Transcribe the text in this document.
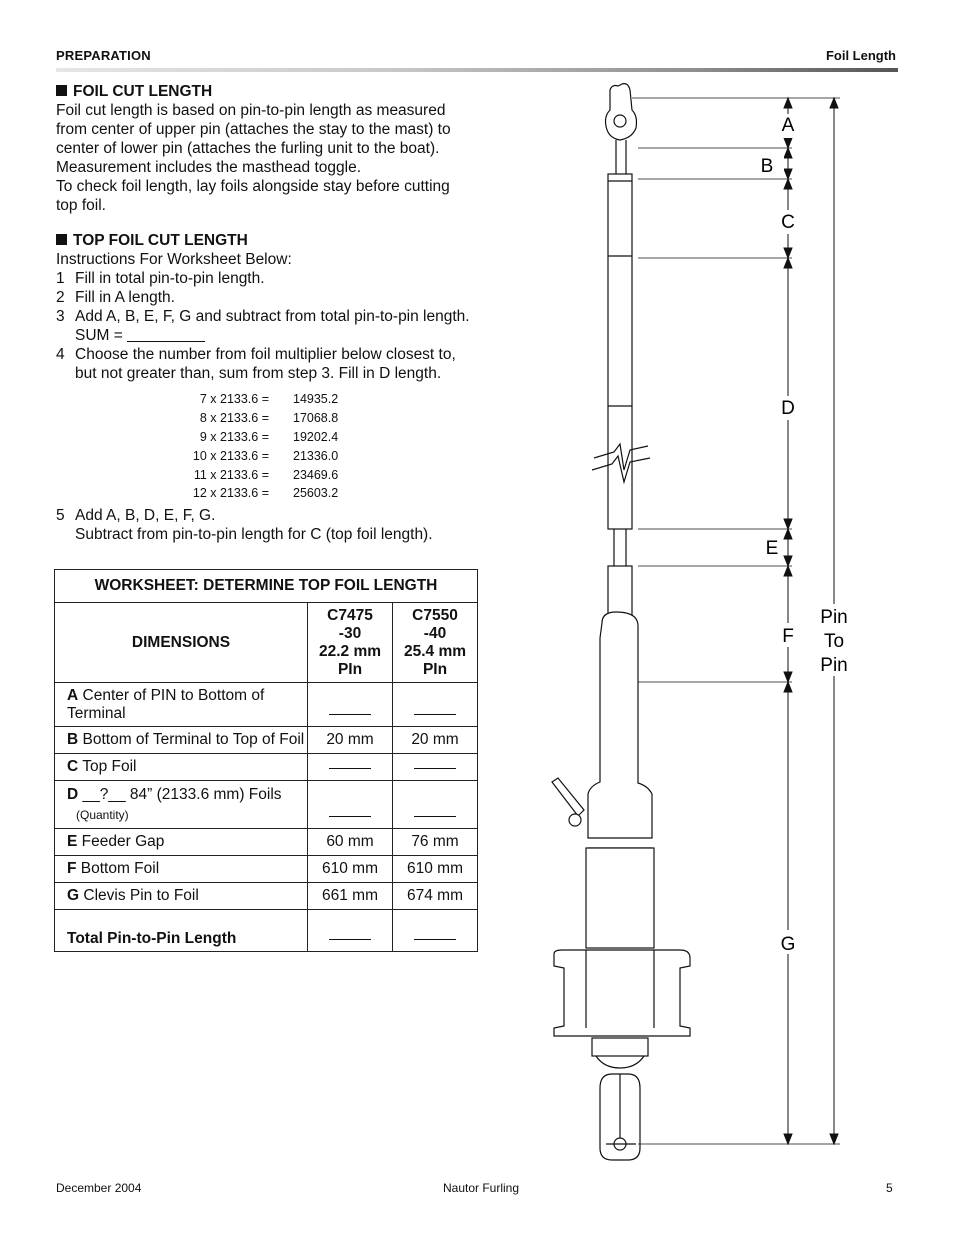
PREPARATION	Foil Length
FOIL CUT LENGTH
Foil cut length is based on pin-to-pin length as measured
from center of upper pin (attaches the stay to the mast) to
center of lower pin (attaches the furling unit to the boat).
Measurement includes the masthead toggle.
To check foil length, lay foils alongside stay before cutting
top foil.
TOP FOIL CUT LENGTH
Instructions For Worksheet Below:
1 Fill in total pin-to-pin length.
2 Fill in A length.
3 Add A, B, E, F, G and subtract from total pin-to-pin length.
SUM =
4 Choose the number from foil multiplier below closest to,
but not greater than, sum from step 3. Fill in D length.
7 x 2133.6 =	14935.2
8 x 2133.6 =	17068.8
9 x 2133.6 =	19202.4
10 x 2133.6 =	21336.0
11 x 2133.6 =	23469.6
12 x 2133.6 =	25603.2
5 Add A, B, D, E, F, G.
Subtract from pin-to-pin length for C (top foil length).
WORKSHEET: DETERMINE TOP FOIL LENGTH		
DIMENSIONS	C7475
-30
22.2 mm
PIn	C7550
-40
25.4 mm
PIn
A Center of PIN to Bottom of Terminal		
B Bottom of Terminal to Top of Foil	20 mm	20 mm
C Top Foil		
D __?__ 84” (2133.6 mm) Foils
(Quantity)		

E Feeder Gap	60 mm	76 mm
F Bottom Foil	610 mm	610 mm
G Clevis Pin to Foil	661 mm	674 mm
Total Pin-to-Pin Length		
A
B
C
D
E
F
G
Pin
To
Pin
December 2004	Nautor Furling	5
